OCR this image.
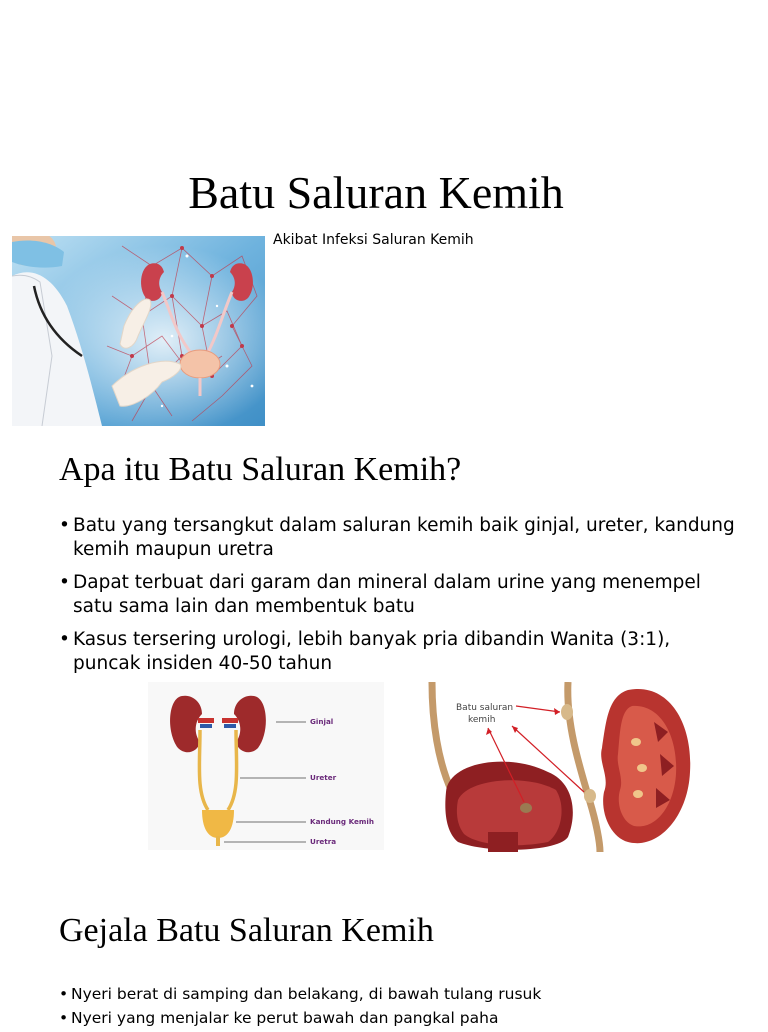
Batu Saluran Kemih
Akibat Infeksi Saluran Kemih
Apa itu Batu Saluran Kemih?
• Batu yang tersangkut dalam saluran kemih baik ginjal, ureter, kandung kemih maupun uretra
• Dapat terbuat dari garam dan mineral dalam urine yang menempel satu sama lain dan membentuk batu
• Kasus tersering urologi, lebih banyak pria dibandin Wanita (3:1), puncak insiden 40-50 tahun
Ginjal
Ureter
Kandung Kemih
Uretra
Batu saluran
kemih
Gejala Batu Saluran Kemih
• Nyeri berat di samping dan belakang, di bawah tulang rusuk
• Nyeri yang menjalar ke perut bawah dan pangkal paha
